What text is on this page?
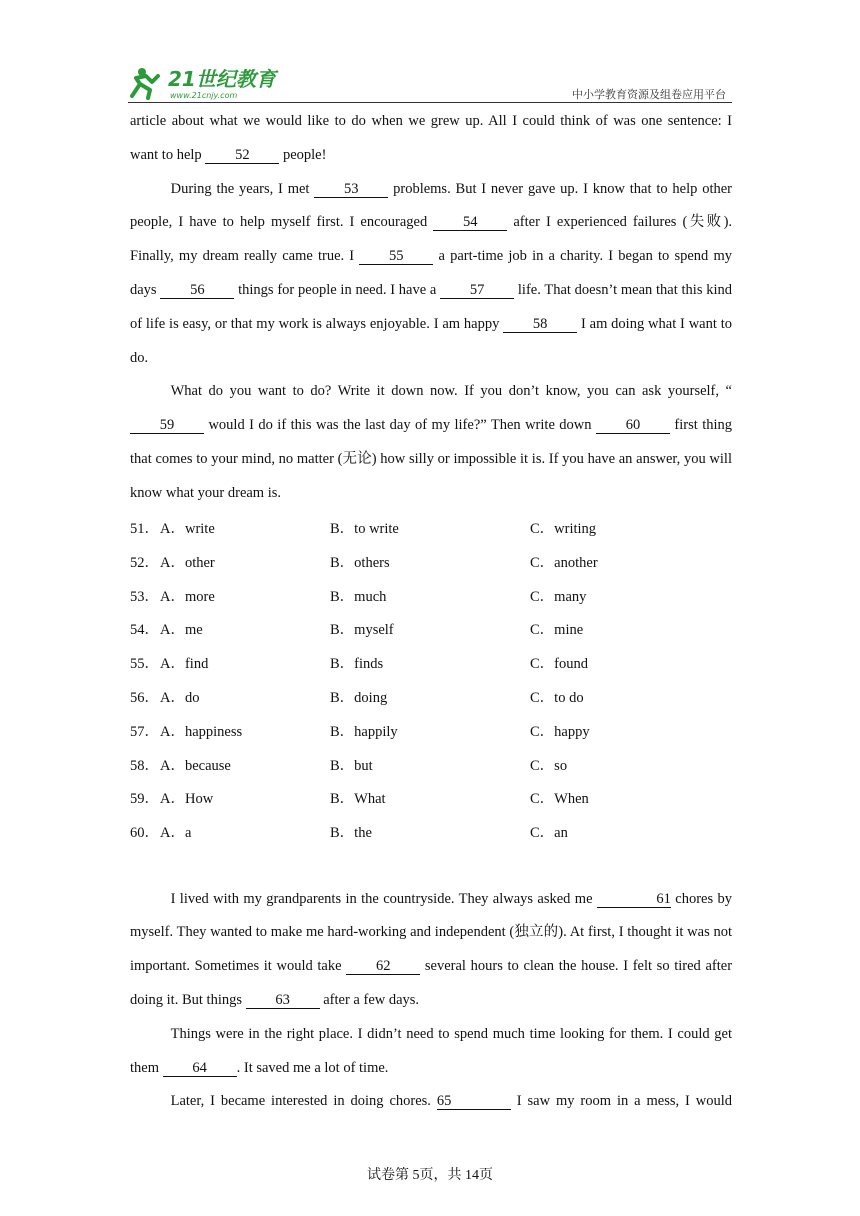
21世纪教育
www.21cnjy.com	中小学教育资源及组卷应用平台

article about what we would like to do when we grew up. All I could think of was one sentence: I

want to help 52 people!

During the years, I met 53 problems. But I never gave up. I know that to help other people, I have to help myself first. I encouraged 54 after I experienced failures (失败). Finally, my dream really came true. I 55 a part-time job in a charity. I began to spend my days 56 things for people in need. I have a 57 life. That doesn’t mean that this kind of life is easy, or that my work is always enjoyable. I am happy 58 I am doing what I want to do.

What do you want to do? Write it down now. If you don’t know, you can ask yourself, “59 would I do if this was the last day of my life?” Then write down 60 first thing that comes to your mind, no matter (无论) how silly or impossible it is. If you have an answer, you will know what your dream is.

51． A．write	B．to write	C．writing
52． A．other	B．others	C．another
53． A．more	B．much	C．many
54． A．me	B．myself	C．mine
55． A．find	B．finds	C．found
56． A．do	B．doing	C．to do
57． A．happiness	B．happily	C．happy
58． A．because	B．but	C．so
59． A．How	B．What	C．When
60． A．a	B．the	C．an

I lived with my grandparents in the countryside. They always asked me	61 chores by myself. They wanted to make me hard-working and independent (独立的). At first, I thought it was not important. Sometimes it would take 62 several hours to clean the house. I felt so tired after doing it. But things 63 after a few days.

Things were in the right place. I didn’t need to spend much time looking for them. I could get them 64 . It saved me a lot of time.

Later, I became interested in doing chores. 65	I saw my room in a mess, I would

试卷第 5页，共 14页
